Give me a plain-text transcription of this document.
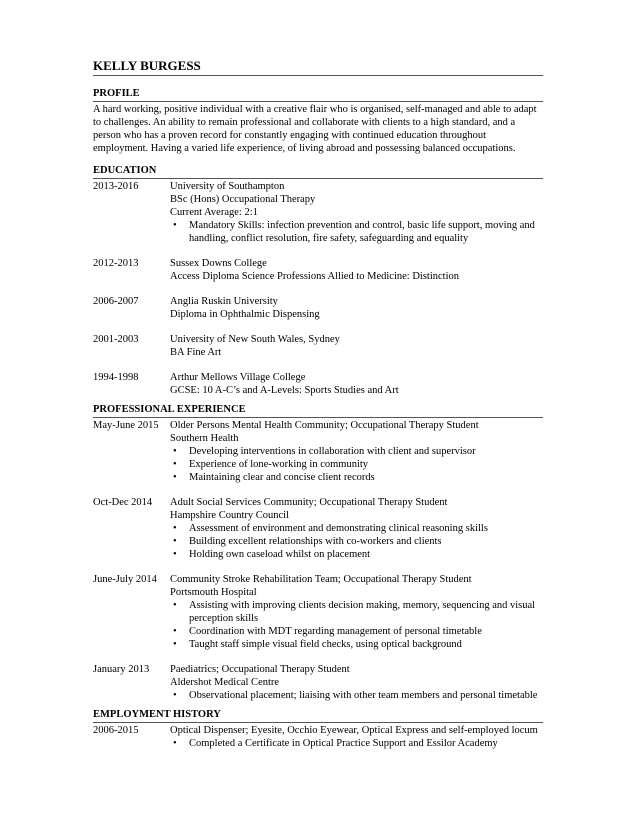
KELLY BURGESS
PROFILE

A hard working, positive individual with a creative flair who is organised, self-managed and able to adapt to challenges. An ability to remain professional and collaborate with clients to a high standard, and a person who has a proven record for constantly engaging with continued education throughout employment. Having a varied life experience, of living abroad and possessing balanced occupations.

EDUCATION
2013-2016	University of Southampton
BSc (Hons) Occupational Therapy
Current Average: 2:1
• Mandatory Skills: infection prevention and control, basic life support, moving and handling, conflict resolution, fire safety, safeguarding and equality
2012-2013	Sussex Downs College
Access Diploma Science Professions Allied to Medicine: Distinction
2006-2007	Anglia Ruskin University
Diploma in Ophthalmic Dispensing
2001-2003	University of New South Wales, Sydney
BA Fine Art
1994-1998	Arthur Mellows Village College
GCSE: 10 A-C’s and A-Levels: Sports Studies and Art
PROFESSIONAL EXPERIENCE
May-June 2015	Older Persons Mental Health Community; Occupational Therapy Student
Southern Health
• Developing interventions in collaboration with client and supervisor
• Experience of lone-working in community
• Maintaining clear and concise client records
Oct-Dec 2014	Adult Social Services Community; Occupational Therapy Student
Hampshire Country Council
• Assessment of environment and demonstrating clinical reasoning skills
• Building excellent relationships with co-workers and clients
• Holding own caseload whilst on placement
June-July 2014	Community Stroke Rehabilitation Team; Occupational Therapy Student
Portsmouth Hospital
• Assisting with improving clients decision making, memory, sequencing and visual perception skills
• Coordination with MDT regarding management of personal timetable
• Taught staff simple visual field checks, using optical background
January 2013	Paediatrics; Occupational Therapy Student
Aldershot Medical Centre
• Observational placement; liaising with other team members and personal timetable
EMPLOYMENT HISTORY
2006-2015	Optical Dispenser; Eyesite, Occhio Eyewear, Optical Express and self-employed locum
• Completed a Certificate in Optical Practice Support and Essilor Academy
